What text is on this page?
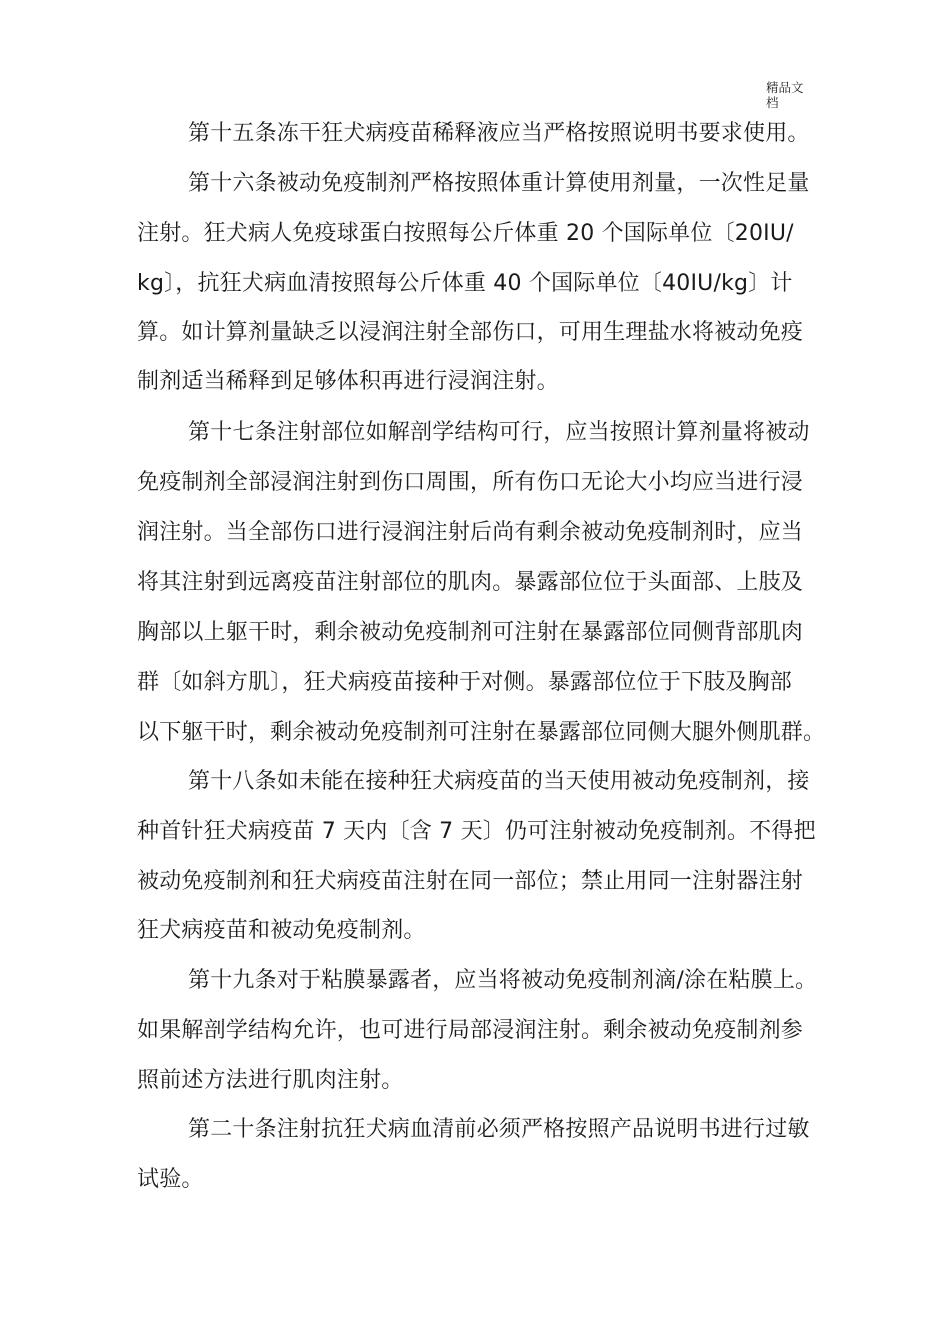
精品文
档
第十五条冻干狂犬病疫苗稀释液应当严格按照说明书要求使用。
第十六条被动免疫制剂严格按照体重计算使用剂量，一次性足量
注射。狂犬病人免疫球蛋白按照每公斤体重 20 个国际单位〔20IU/
kg〕，抗狂犬病血清按照每公斤体重 40 个国际单位〔40IU/kg〕计
算。如计算剂量缺乏以浸润注射全部伤口，可用生理盐水将被动免疫
制剂适当稀释到足够体积再进行浸润注射。
第十七条注射部位如解剖学结构可行，应当按照计算剂量将被动
免疫制剂全部浸润注射到伤口周围，所有伤口无论大小均应当进行浸
润注射。当全部伤口进行浸润注射后尚有剩余被动免疫制剂时，应当
将其注射到远离疫苗注射部位的肌肉。暴露部位位于头面部、上肢及
胸部以上躯干时，剩余被动免疫制剂可注射在暴露部位同侧背部肌肉
群〔如斜方肌〕，狂犬病疫苗接种于对侧。暴露部位位于下肢及胸部
以下躯干时，剩余被动免疫制剂可注射在暴露部位同侧大腿外侧肌群。
第十八条如未能在接种狂犬病疫苗的当天使用被动免疫制剂，接
种首针狂犬病疫苗 7 天内〔含 7 天〕仍可注射被动免疫制剂。不得把
被动免疫制剂和狂犬病疫苗注射在同一部位；禁止用同一注射器注射
狂犬病疫苗和被动免疫制剂。
第十九条对于粘膜暴露者，应当将被动免疫制剂滴/涂在粘膜上。
如果解剖学结构允许，也可进行局部浸润注射。剩余被动免疫制剂参
照前述方法进行肌肉注射。
第二十条注射抗狂犬病血清前必须严格按照产品说明书进行过敏
试验。
